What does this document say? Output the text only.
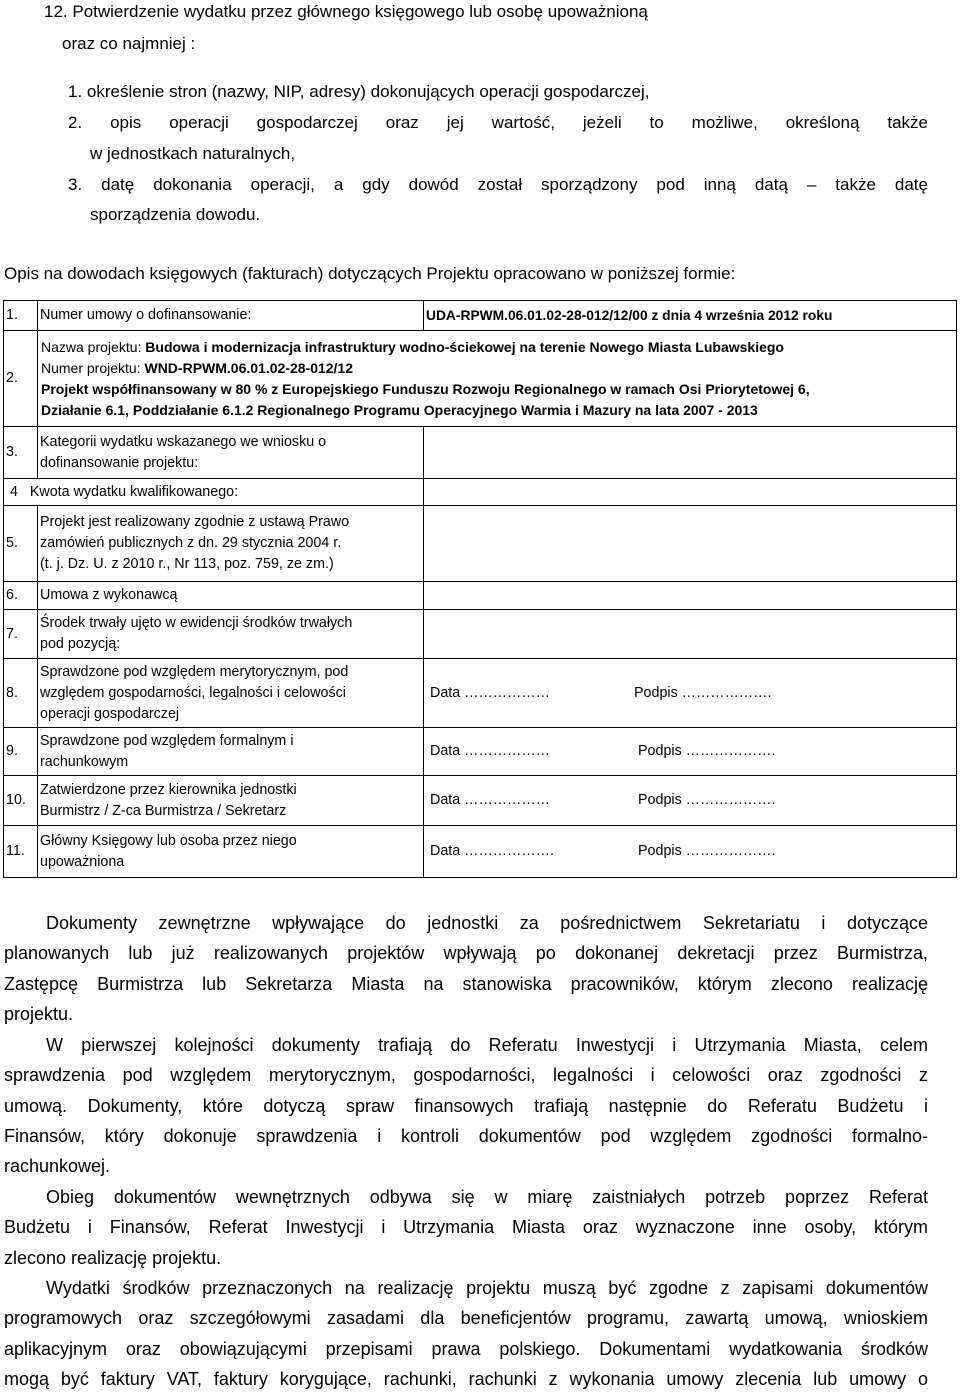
12. Potwierdzenie wydatku przez głównego księgowego lub osobę upoważnioną
oraz co najmniej :
1. określenie stron (nazwy, NIP, adresy) dokonujących operacji gospodarczej,
2. opis operacji gospodarczej oraz jej wartość, jeżeli to możliwe, określoną także
w jednostkach naturalnych,
3. datę dokonania operacji, a gdy dowód został sporządzony pod inną datą – także datę
sporządzenia dowodu.
Opis na dowodach księgowych (fakturach) dotyczących Projektu opracowano w poniższej formie:
1.	Numer umowy o dofinansowanie:	UDA-RPWM.06.01.02-28-012/12/00 z dnia 4 września 2012 roku
2.	Nazwa projektu: Budowa i modernizacja infrastruktury wodno-ściekowej na terenie Nowego Miasta Lubawskiego
Numer projektu: WND-RPWM.06.01.02-28-012/12
Projekt współfinansowany w 80 % z Europejskiego Funduszu Rozwoju Regionalnego w ramach Osi Priorytetowej 6,
Działanie 6.1, Poddziałanie 6.1.2 Regionalnego Programu Operacyjnego Warmia i Mazury na lata 2007 - 2013	

3.	Kategorii wydatku wskazanego we wniosku o
dofinansowanie projektu:	

4 Kwota wydatku kwalifikowanego:		
5.	Projekt jest realizowany zgodnie z ustawą Prawo
zamówień publicznych z dn. 29 stycznia 2004 r.
(t. j. Dz. U. z 2010 r., Nr 113, poz. 759, ze zm.)	

6.	Umowa z wykonawcą	
7.	Środek trwały ujęto w ewidencji środków trwałych
pod pozycją:	

8.	Sprawdzone pod względem merytorycznym, pod
względem gospodarności, legalności i celowości
operacji gospodarczej	Data ……………… Podpis ……………….
9.	Sprawdzone pod względem formalnym i
rachunkowym	Data ……………… Podpis ……………….
10.	Zatwierdzone przez kierownika jednostki
Burmistrz / Z-ca Burmistrza / Sekretarz	Data ……………… Podpis ……………….
11.	Główny Księgowy lub osoba przez niego
upoważniona	Data ………………. Podpis ……………….
Dokumenty zewnętrzne wpływające do jednostki za pośrednictwem Sekretariatu i dotyczące
planowanych lub już realizowanych projektów wpływają po dokonanej dekretacji przez Burmistrza,
Zastępcę Burmistrza lub Sekretarza Miasta na stanowiska pracowników, którym zlecono realizację
projektu.
W pierwszej kolejności dokumenty trafiają do Referatu Inwestycji i Utrzymania Miasta, celem
sprawdzenia pod względem merytorycznym, gospodarności, legalności i celowości oraz zgodności z
umową. Dokumenty, które dotyczą spraw finansowych trafiają następnie do Referatu Budżetu i
Finansów, który dokonuje sprawdzenia i kontroli dokumentów pod względem zgodności formalno-
rachunkowej.
Obieg dokumentów wewnętrznych odbywa się w miarę zaistniałych potrzeb poprzez Referat
Budżetu i Finansów, Referat Inwestycji i Utrzymania Miasta oraz wyznaczone inne osoby, którym
zlecono realizację projektu.
Wydatki środków przeznaczonych na realizację projektu muszą być zgodne z zapisami dokumentów
programowych oraz szczegółowymi zasadami dla beneficjentów programu, zawartą umową, wnioskiem
aplikacyjnym oraz obowiązującymi przepisami prawa polskiego. Dokumentami wydatkowania środków
mogą być faktury VAT, faktury korygujące, rachunki, rachunki z wykonania umowy zlecenia lub umowy o
